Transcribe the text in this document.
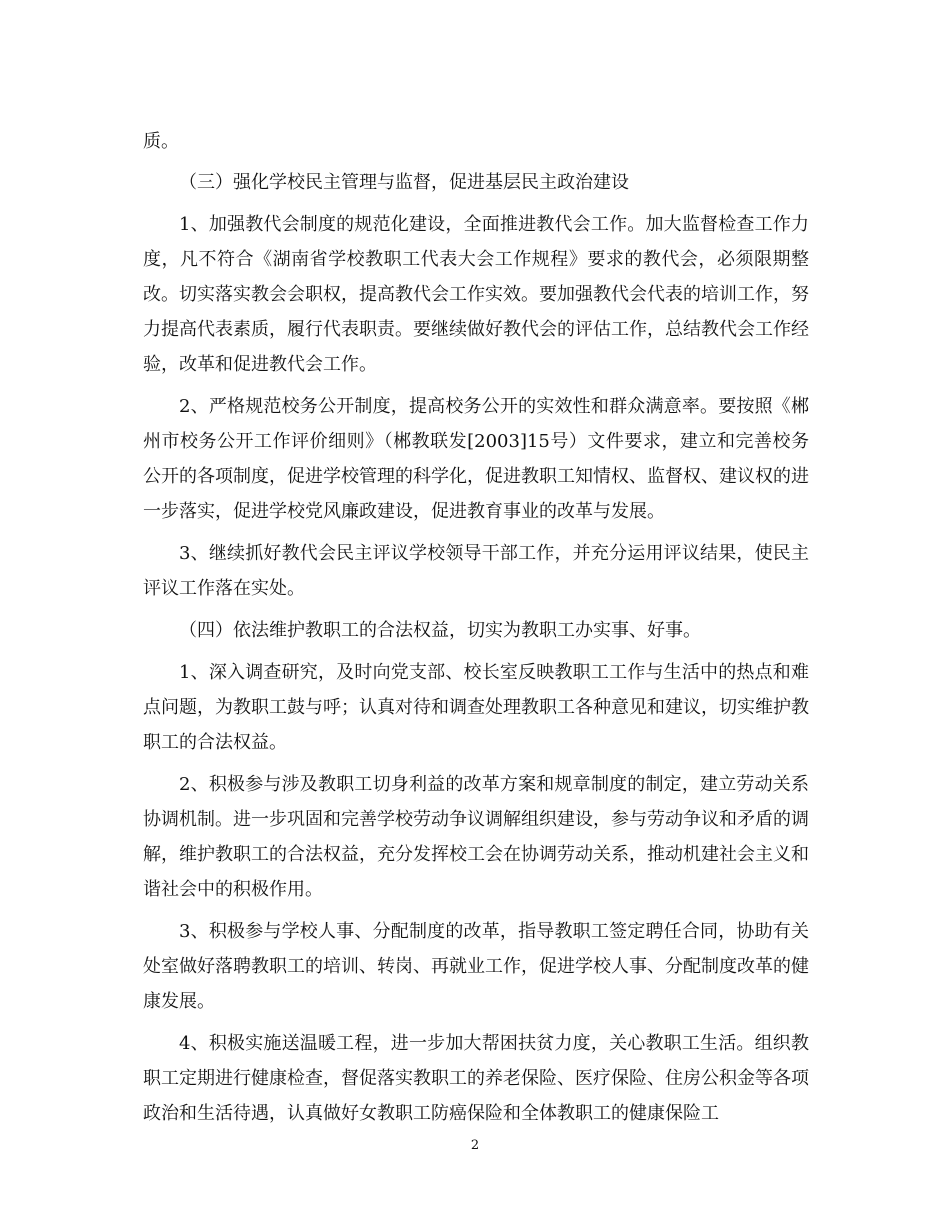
质。

（三）强化学校民主管理与监督，促进基层民主政治建设

1、加强教代会制度的规范化建设，全面推进教代会工作。加大监督检查工作力度，凡不符合《湖南省学校教职工代表大会工作规程》要求的教代会，必须限期整改。切实落实教会会职权，提高教代会工作实效。要加强教代会代表的培训工作，努力提高代表素质，履行代表职责。要继续做好教代会的评估工作，总结教代会工作经验，改革和促进教代会工作。

2、严格规范校务公开制度，提高校务公开的实效性和群众满意率。要按照《郴州市校务公开工作评价细则》（郴教联发[2003]15号）文件要求，建立和完善校务公开的各项制度，促进学校管理的科学化，促进教职工知情权、监督权、建议权的进一步落实，促进学校党风廉政建设，促进教育事业的改革与发展。

3、继续抓好教代会民主评议学校领导干部工作，并充分运用评议结果，使民主评议工作落在实处。

（四）依法维护教职工的合法权益，切实为教职工办实事、好事。

1、深入调查研究，及时向党支部、校长室反映教职工工作与生活中的热点和难点问题，为教职工鼓与呼；认真对待和调查处理教职工各种意见和建议，切实维护教职工的合法权益。

2、积极参与涉及教职工切身利益的改革方案和规章制度的制定，建立劳动关系协调机制。进一步巩固和完善学校劳动争议调解组织建设，参与劳动争议和矛盾的调解，维护教职工的合法权益，充分发挥校工会在协调劳动关系，推动机建社会主义和谐社会中的积极作用。

3、积极参与学校人事、分配制度的改革，指导教职工签定聘任合同，协助有关处室做好落聘教职工的培训、转岗、再就业工作，促进学校人事、分配制度改革的健康发展。

4、积极实施送温暖工程，进一步加大帮困扶贫力度，关心教职工生活。组织教职工定期进行健康检查，督促落实教职工的养老保险、医疗保险、住房公积金等各项政治和生活待遇，认真做好女教职工防癌保险和全体教职工的健康保险工

2
